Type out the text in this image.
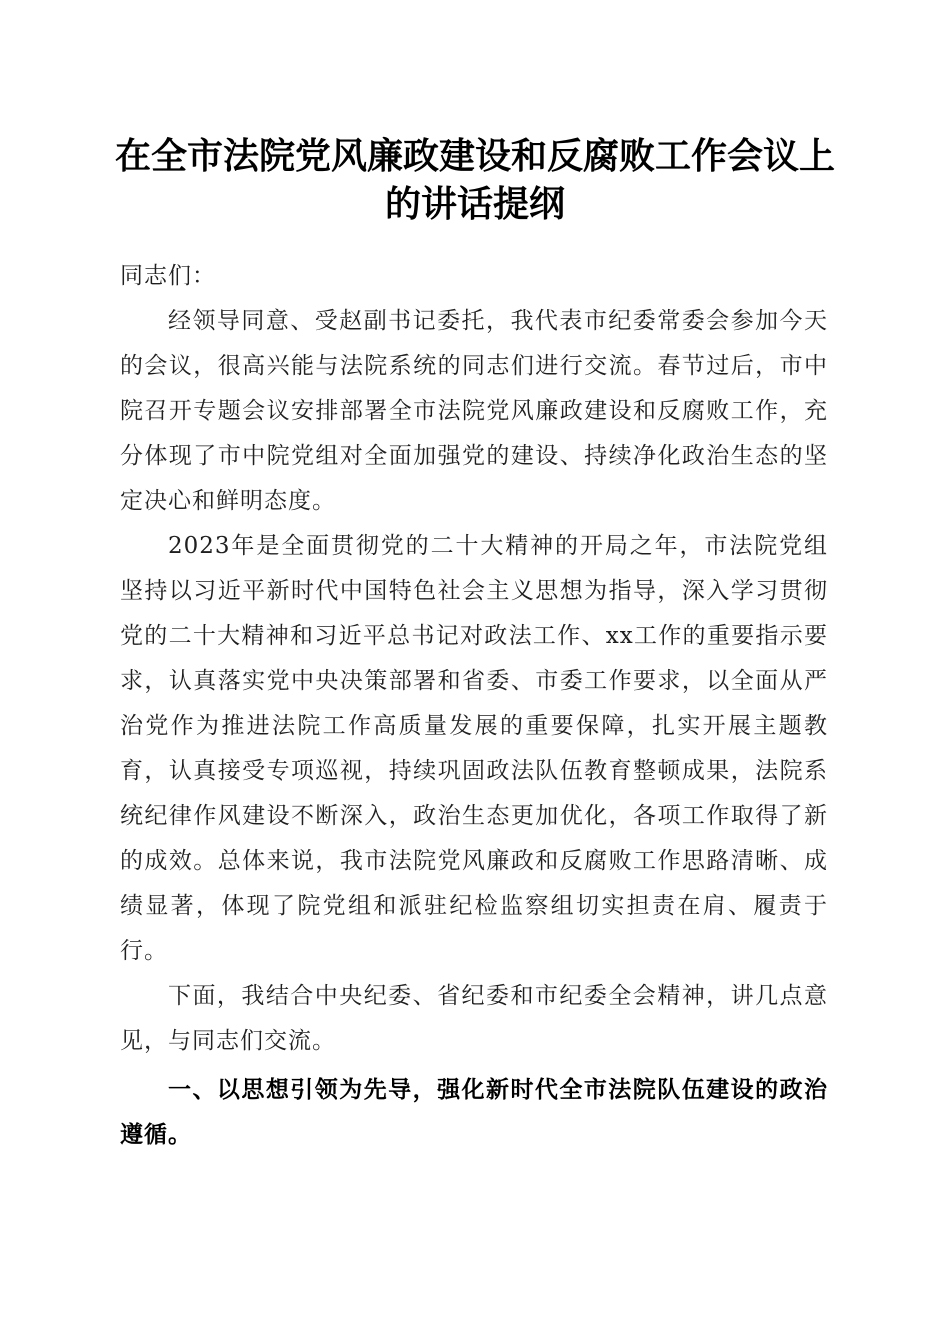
在全市法院党风廉政建设和反腐败工作会议上的讲话提纲

同志们：

经领导同意、受赵副书记委托，我代表市纪委常委会参加今天的会议，很高兴能与法院系统的同志们进行交流。春节过后，市中院召开专题会议安排部署全市法院党风廉政建设和反腐败工作，充分体现了市中院党组对全面加强党的建设、持续净化政治生态的坚定决心和鲜明态度。

2023年是全面贯彻党的二十大精神的开局之年，市法院党组坚持以习近平新时代中国特色社会主义思想为指导，深入学习贯彻党的二十大精神和习近平总书记对政法工作、xx工作的重要指示要求，认真落实党中央决策部署和省委、市委工作要求，以全面从严治党作为推进法院工作高质量发展的重要保障，扎实开展主题教育，认真接受专项巡视，持续巩固政法队伍教育整顿成果，法院系统纪律作风建设不断深入，政治生态更加优化，各项工作取得了新的成效。总体来说，我市法院党风廉政和反腐败工作思路清晰、成绩显著，体现了院党组和派驻纪检监察组切实担责在肩、履责于行。

下面，我结合中央纪委、省纪委和市纪委全会精神，讲几点意见，与同志们交流。

一、以思想引领为先导，强化新时代全市法院队伍建设的政治遵循。
